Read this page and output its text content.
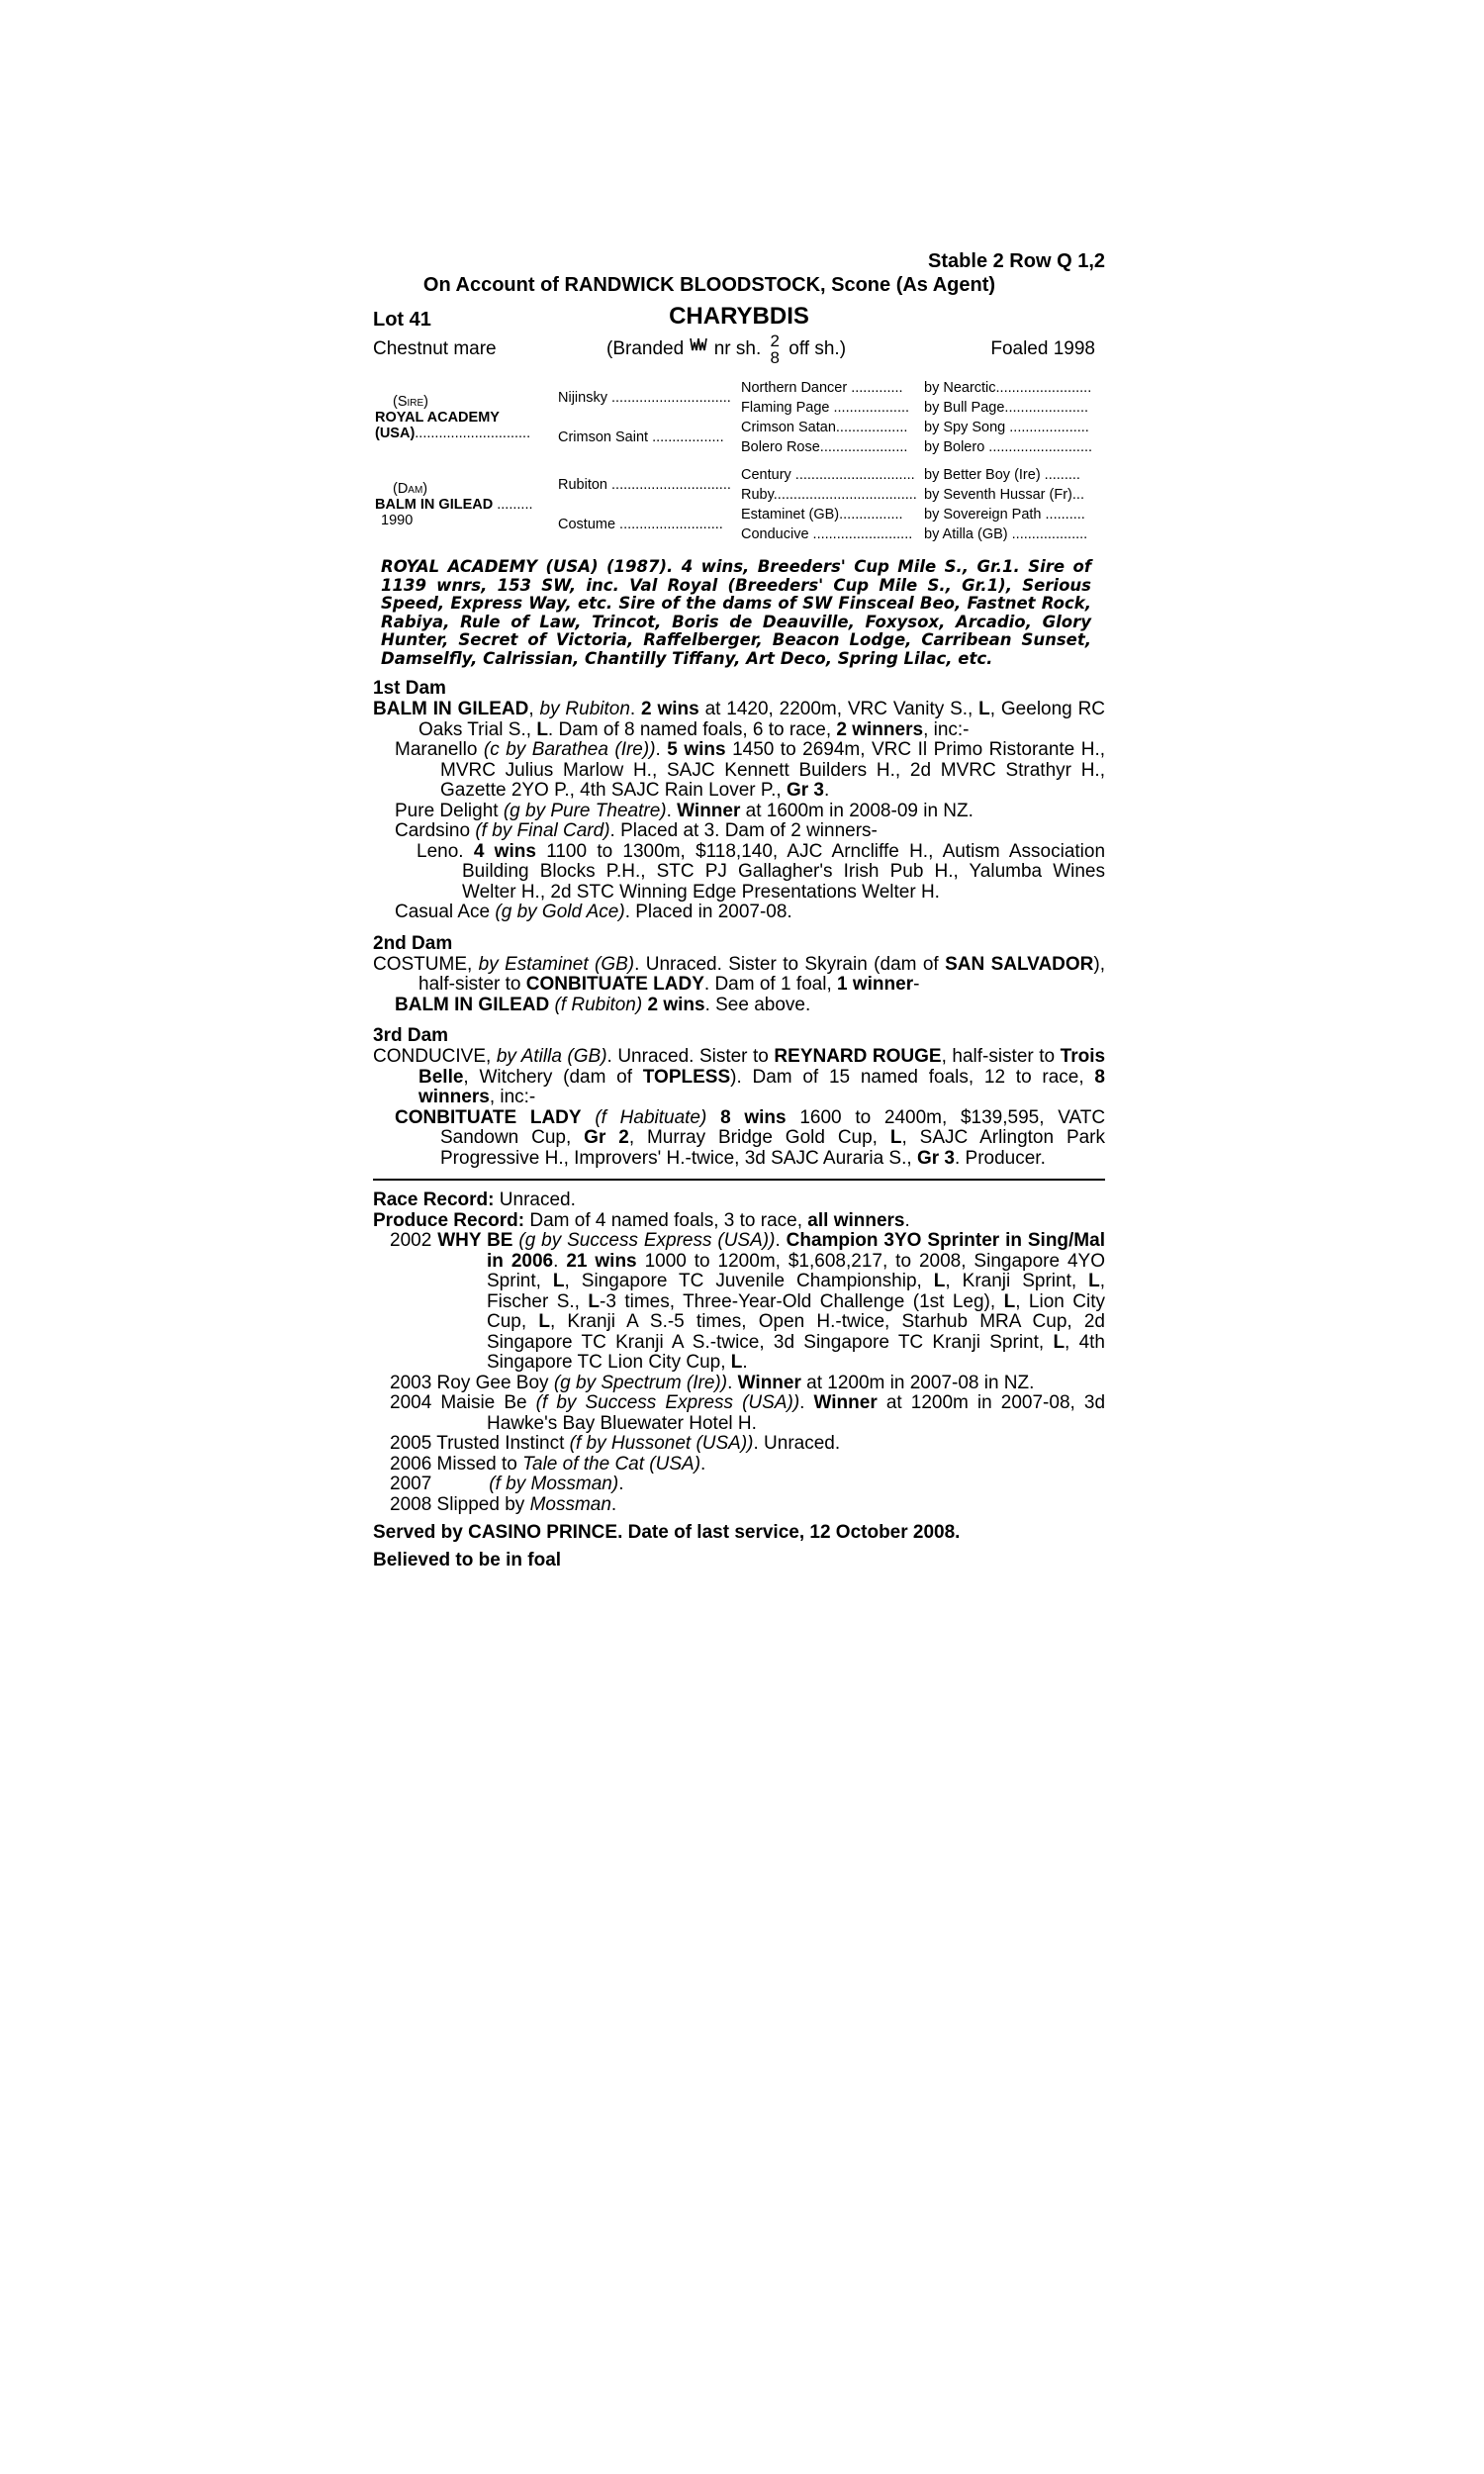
Stable 2 Row Q 1,2
On Account of RANDWICK BLOODSTOCK, Scone (As Agent)
Lot 41	CHARYBDIS
Chestnut mare	(Branded nr sh. 2
8 off sh.)	Foaled 1998
(Sire)
ROYAL ACADEMY
(USA).............................	Nijinsky ..............................	Northern Dancer .............	by Nearctic........................
		Flaming Page ...................	by Bull Page.....................
	Crimson Saint ..................	Crimson Satan..................	by Spy Song ....................
		Bolero Rose......................	by Bolero ..........................

(Dam)
BALM IN GILEAD .........
1990	Rubiton ..............................	Century ..............................	by Better Boy (Ire) .........
		Ruby....................................	by Seventh Hussar (Fr)...
	Costume ..........................	Estaminet (GB)................	by Sovereign Path ..........
		Conducive .........................	by Atilla (GB) ...................
ROYAL ACADEMY (USA) (1987). 4 wins, Breeders' Cup Mile S., Gr.1. Sire of 1139 wnrs, 153 SW, inc. Val Royal (Breeders' Cup Mile S., Gr.1), Serious Speed, Express Way, etc. Sire of the dams of SW Finsceal Beo, Fastnet Rock, Rabiya, Rule of Law, Trincot, Boris de Deauville, Foxysox, Arcadio, Glory Hunter, Secret of Victoria, Raffelberger, Beacon Lodge, Carribean Sunset, Damselfly, Calrissian, Chantilly Tiffany, Art Deco, Spring Lilac, etc.
1st Dam
BALM IN GILEAD, by Rubiton. 2 wins at 1420, 2200m, VRC Vanity S., L, Geelong RC Oaks Trial S., L. Dam of 8 named foals, 6 to race, 2 winners, inc:-
Maranello (c by Barathea (Ire)). 5 wins 1450 to 2694m, VRC Il Primo Ristorante H., MVRC Julius Marlow H., SAJC Kennett Builders H., 2d MVRC Strathyr H., Gazette 2YO P., 4th SAJC Rain Lover P., Gr 3.
Pure Delight (g by Pure Theatre). Winner at 1600m in 2008-09 in NZ.
Cardsino (f by Final Card). Placed at 3. Dam of 2 winners-
Leno. 4 wins 1100 to 1300m, $118,140, AJC Arncliffe H., Autism Association Building Blocks P.H., STC PJ Gallagher's Irish Pub H., Yalumba Wines Welter H., 2d STC Winning Edge Presentations Welter H.
Casual Ace (g by Gold Ace). Placed in 2007-08.
2nd Dam
COSTUME, by Estaminet (GB). Unraced. Sister to Skyrain (dam of SAN SALVADOR), half-sister to CONBITUATE LADY. Dam of 1 foal, 1 winner-
BALM IN GILEAD (f Rubiton) 2 wins. See above.
3rd Dam
CONDUCIVE, by Atilla (GB). Unraced. Sister to REYNARD ROUGE, half-sister to Trois Belle, Witchery (dam of TOPLESS). Dam of 15 named foals, 12 to race, 8 winners, inc:-
CONBITUATE LADY (f Habituate) 8 wins 1600 to 2400m, $139,595, VATC Sandown Cup, Gr 2, Murray Bridge Gold Cup, L, SAJC Arlington Park Progressive H., Improvers' H.-twice, 3d SAJC Auraria S., Gr 3. Producer.
Race Record: Unraced.
Produce Record: Dam of 4 named foals, 3 to race, all winners.
2002 WHY BE (g by Success Express (USA)). Champion 3YO Sprinter in Sing/Mal in 2006. 21 wins 1000 to 1200m, $1,608,217, to 2008, Singapore 4YO Sprint, L, Singapore TC Juvenile Championship, L, Kranji Sprint, L, Fischer S., L-3 times, Three-Year-Old Challenge (1st Leg), L, Lion City Cup, L, Kranji A S.-5 times, Open H.-twice, Starhub MRA Cup, 2d Singapore TC Kranji A S.-twice, 3d Singapore TC Kranji Sprint, L, 4th Singapore TC Lion City Cup, L.
2003 Roy Gee Boy (g by Spectrum (Ire)). Winner at 1200m in 2007-08 in NZ.
2004 Maisie Be (f by Success Express (USA)). Winner at 1200m in 2007-08, 3d Hawke's Bay Bluewater Hotel H.
2005 Trusted Instinct (f by Hussonet (USA)). Unraced.
2006 Missed to Tale of the Cat (USA).
2007	(f by Mossman).
2008 Slipped by Mossman.
Served by CASINO PRINCE. Date of last service, 12 October 2008.
Believed to be in foal
